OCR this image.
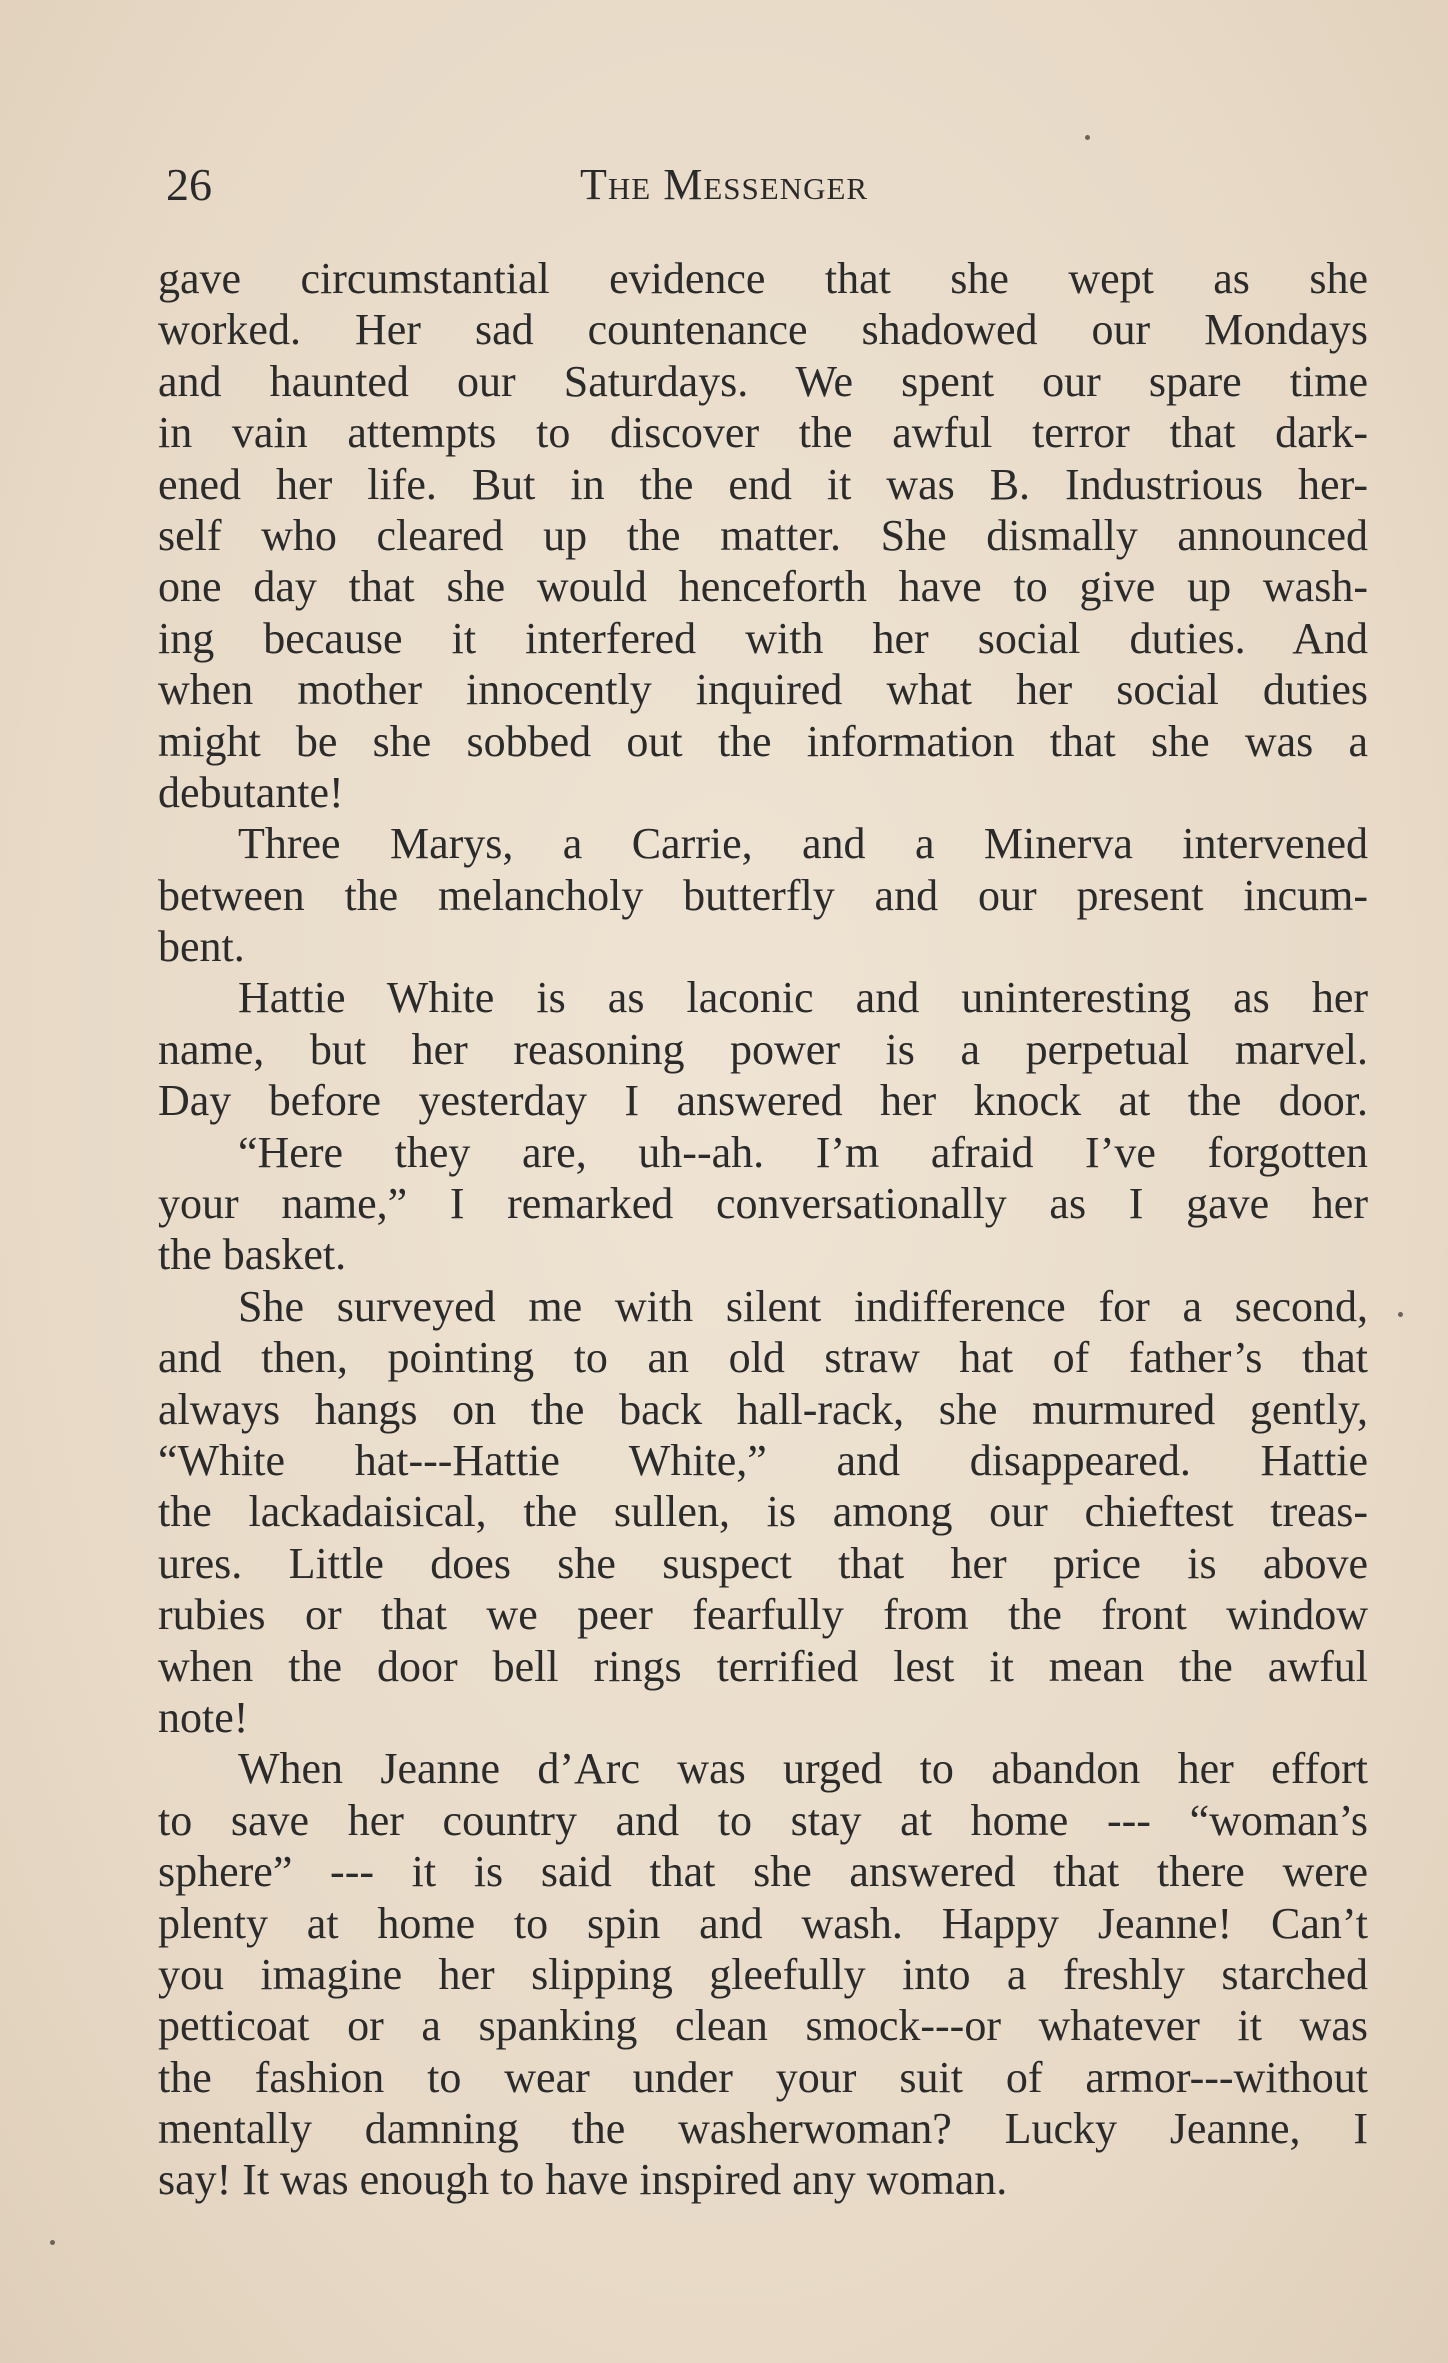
26	The Messenger
gave circumstantial evidence that she wept as she
worked. Her sad countenance shadowed our Mondays
and haunted our Saturdays. We spent our spare time
in vain attempts to discover the awful terror that dark-
ened her life. But in the end it was B. Industrious her-
self who cleared up the matter. She dismally announced
one day that she would henceforth have to give up wash-
ing because it interfered with her social duties. And
when mother innocently inquired what her social duties
might be she sobbed out the information that she was a
debutante!
Three Marys, a Carrie, and a Minerva intervened
between the melancholy butterfly and our present incum-
bent.
Hattie White is as laconic and uninteresting as her
name, but her reasoning power is a perpetual marvel.
Day before yesterday I answered her knock at the door.
“Here they are, uh--ah. I’m afraid I’ve forgotten
your name,” I remarked conversationally as I gave her
the basket.
She surveyed me with silent indifference for a second,
and then, pointing to an old straw hat of father’s that
always hangs on the back hall-rack, she murmured gently,
“White hat---Hattie White,” and disappeared. Hattie
the lackadaisical, the sullen, is among our chieftest treas-
ures. Little does she suspect that her price is above
rubies or that we peer fearfully from the front window
when the door bell rings terrified lest it mean the awful
note!
When Jeanne d’Arc was urged to abandon her effort
to save her country and to stay at home --- “woman’s
sphere” --- it is said that she answered that there were
plenty at home to spin and wash. Happy Jeanne! Can’t
you imagine her slipping gleefully into a freshly starched
petticoat or a spanking clean smock---or whatever it was
the fashion to wear under your suit of armor---without
mentally damning the washerwoman? Lucky Jeanne, I
say! It was enough to have inspired any woman.
